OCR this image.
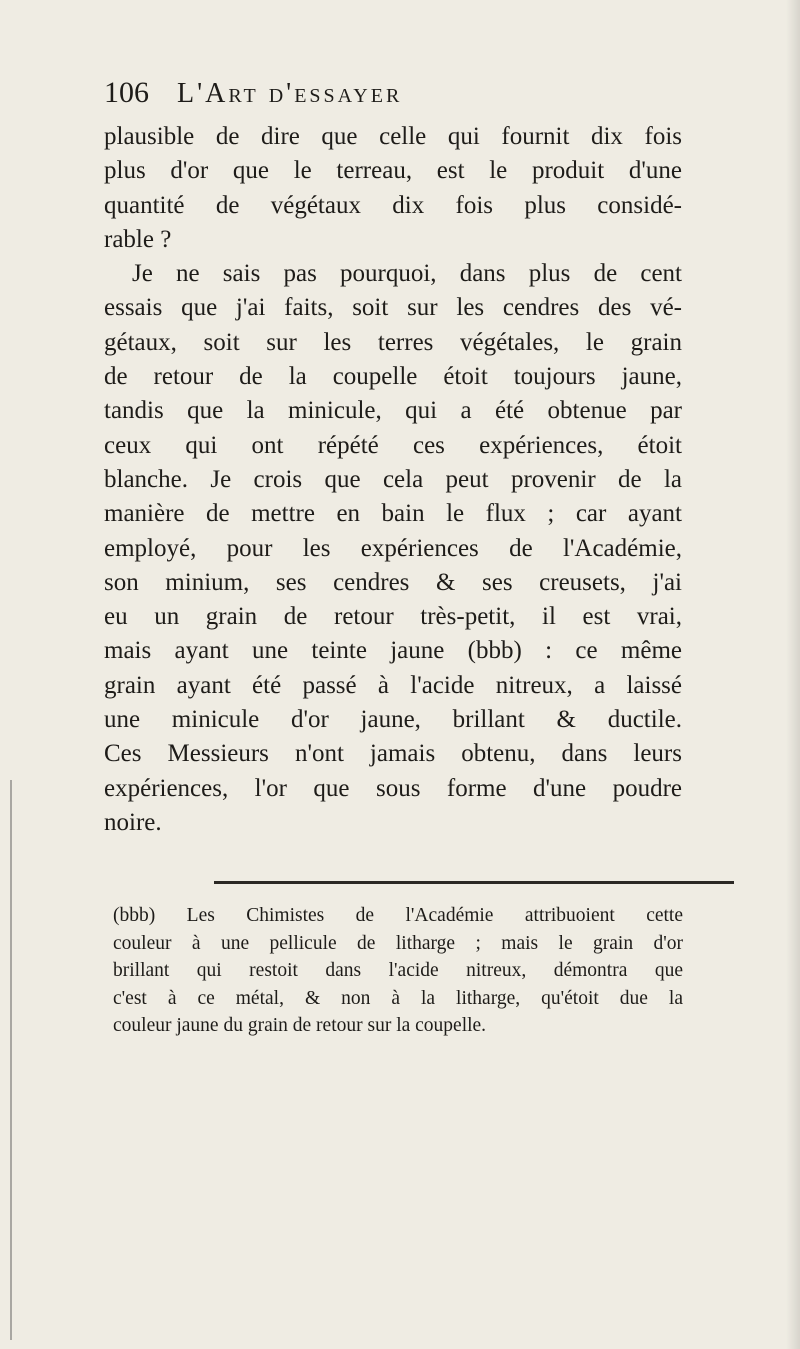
106 L'Art d'essayer
plausible de dire que celle qui fournit dix fois
plus d'or que le terreau, est le produit d'une
quantité de végétaux dix fois plus considé-
rable ?
Je ne sais pas pourquoi, dans plus de cent
essais que j'ai faits, soit sur les cendres des vé-
gétaux, soit sur les terres végétales, le grain
de retour de la coupelle étoit toujours jaune,
tandis que la minicule, qui a été obtenue par
ceux qui ont répété ces expériences, étoit
blanche. Je crois que cela peut provenir de la
manière de mettre en bain le flux ; car ayant
employé, pour les expériences de l'Académie,
son minium, ses cendres & ses creusets, j'ai
eu un grain de retour très-petit, il est vrai,
mais ayant une teinte jaune (bbb) : ce même
grain ayant été passé à l'acide nitreux, a laissé
une minicule d'or jaune, brillant & ductile.
Ces Messieurs n'ont jamais obtenu, dans leurs
expériences, l'or que sous forme d'une poudre
noire.
(bbb) Les Chimistes de l'Académie attribuoient cette
couleur à une pellicule de litharge ; mais le grain d'or
brillant qui restoit dans l'acide nitreux, démontra que
c'est à ce métal, & non à la litharge, qu'étoit due la
couleur jaune du grain de retour sur la coupelle.
